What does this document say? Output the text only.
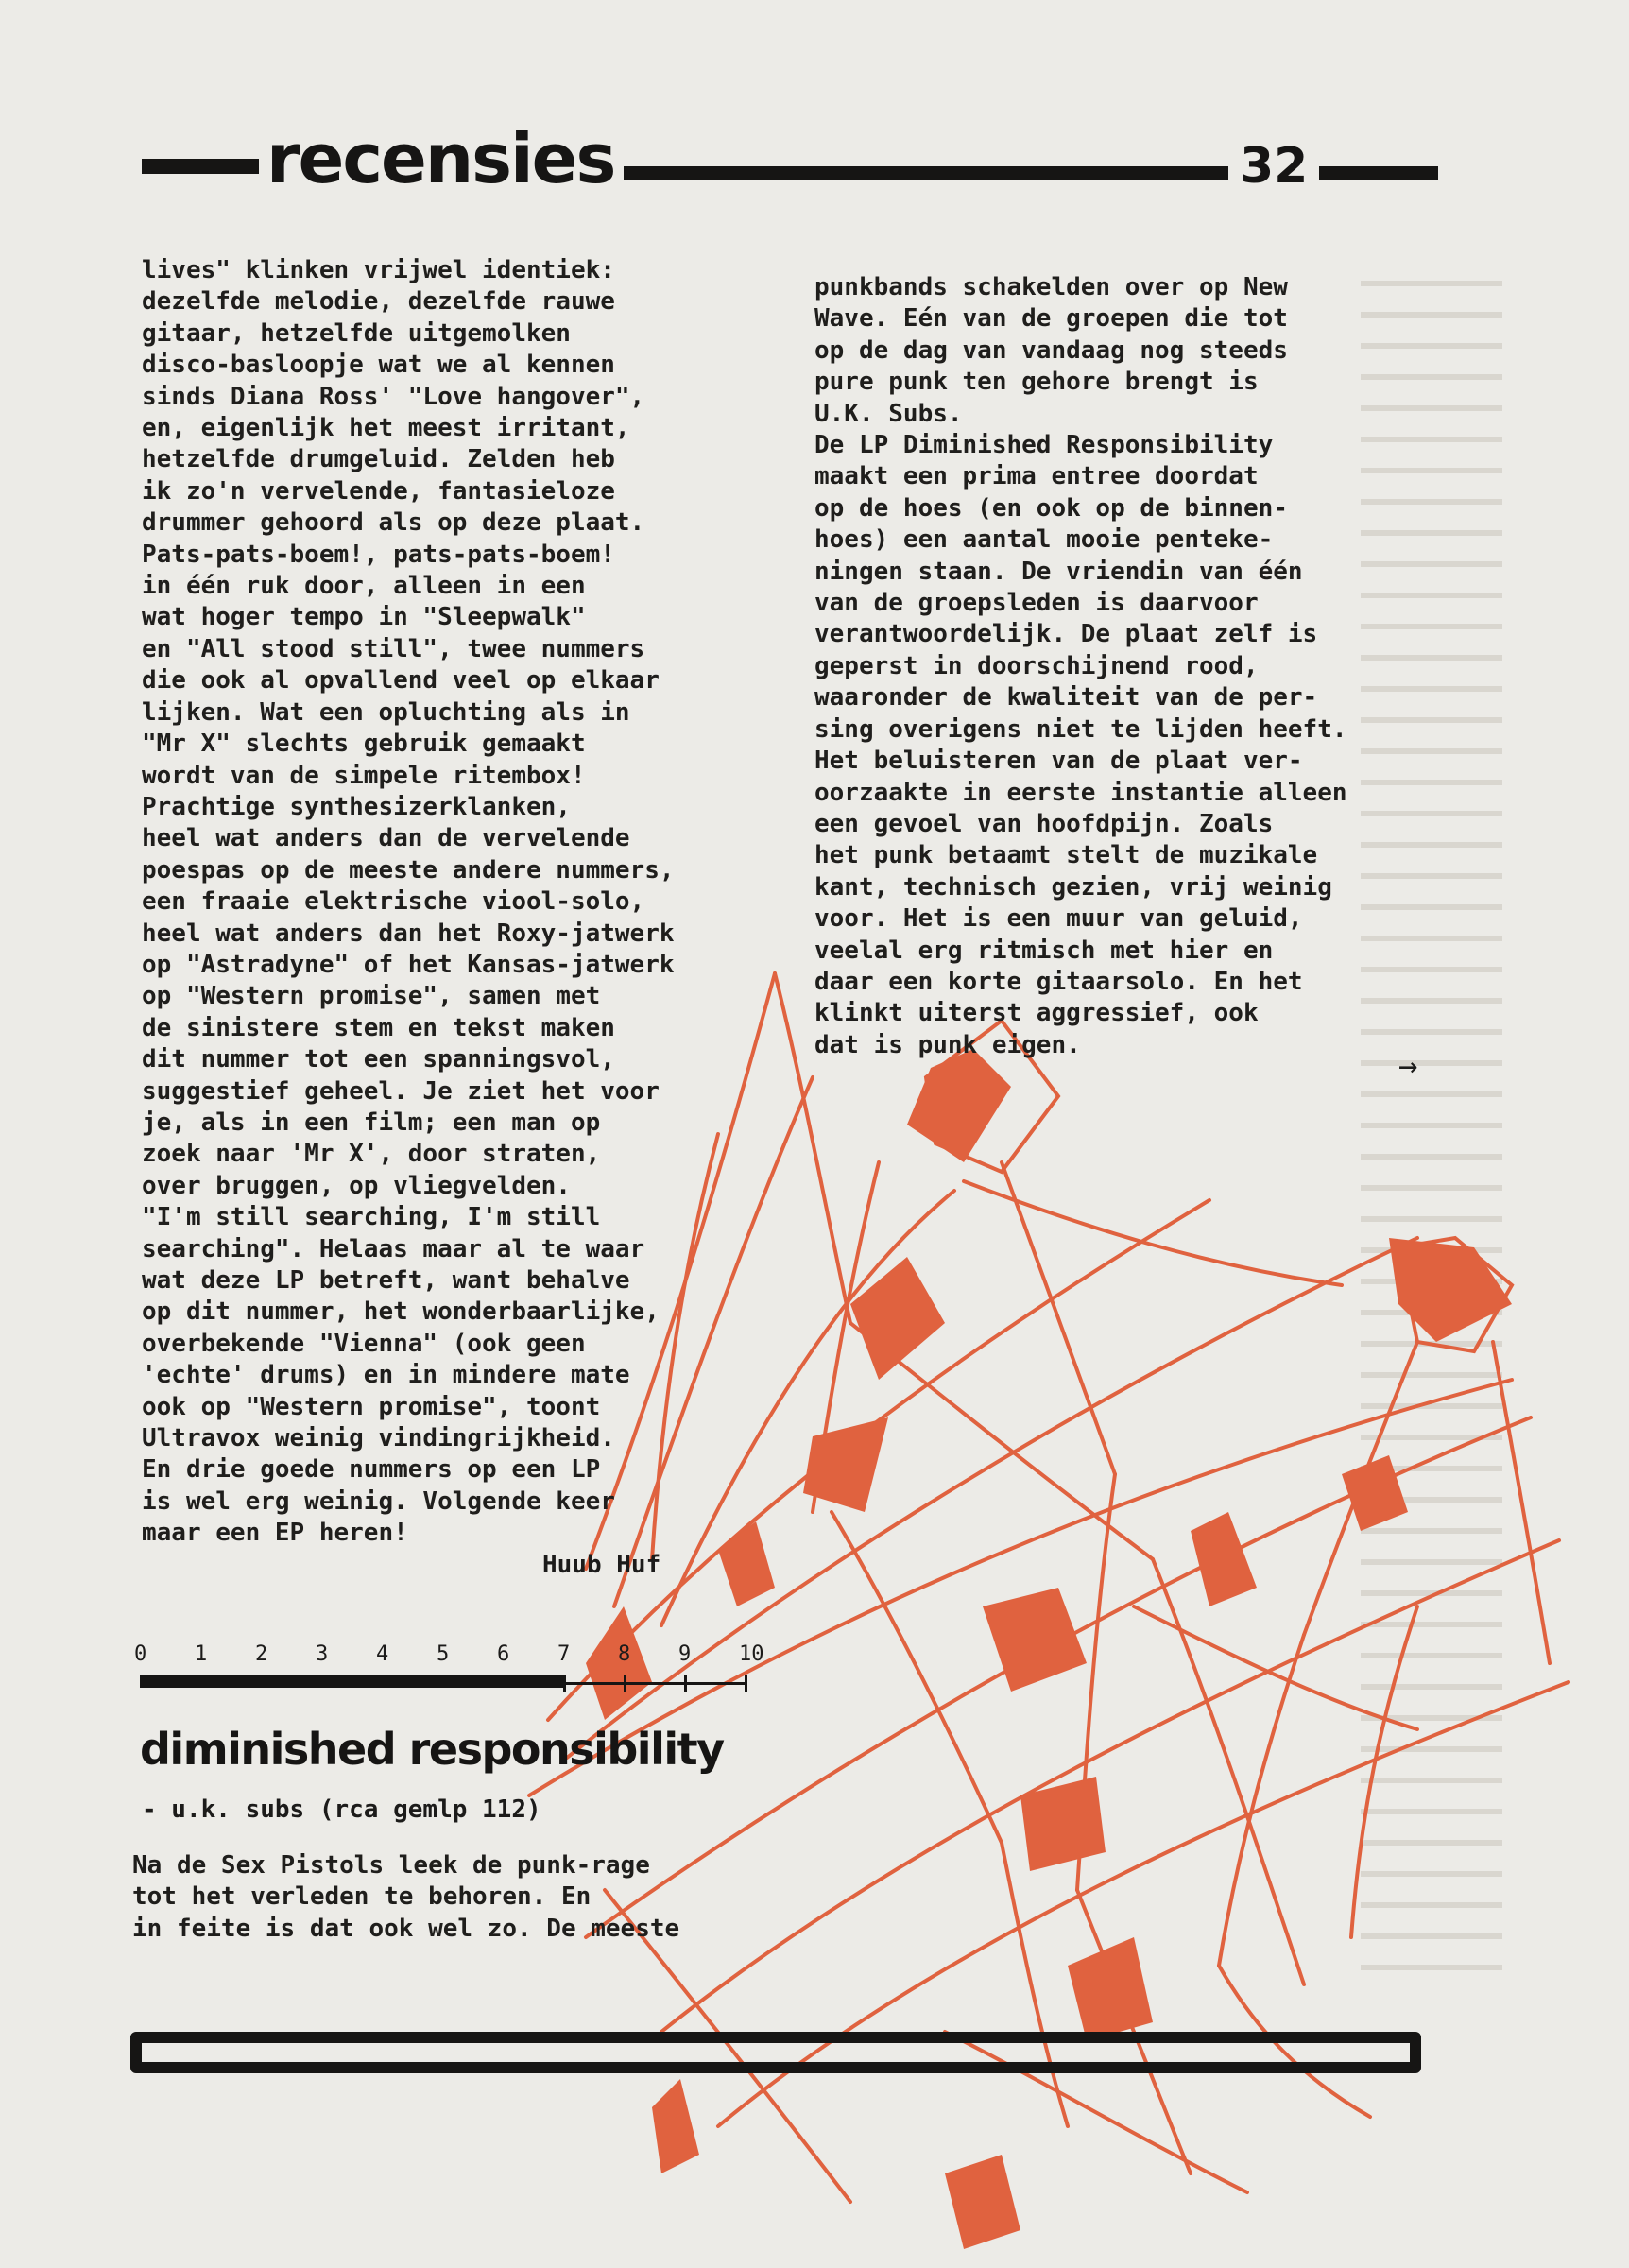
recensies	32
lives" klinken vrijwel identiek:
dezelfde melodie, dezelfde rauwe
gitaar, hetzelfde uitgemolken
disco-basloopje wat we al kennen
sinds Diana Ross' "Love hangover",
en, eigenlijk het meest irritant,
hetzelfde drumgeluid. Zelden heb
ik zo'n vervelende, fantasieloze
drummer gehoord als op deze plaat.
Pats-pats-boem!, pats-pats-boem!
in één ruk door, alleen in een
wat hoger tempo in "Sleepwalk"
en "All stood still", twee nummers
die ook al opvallend veel op elkaar
lijken. Wat een opluchting als in
"Mr X" slechts gebruik gemaakt
wordt van de simpele ritembox!
Prachtige synthesizerklanken,
heel wat anders dan de vervelende
poespas op de meeste andere nummers,
een fraaie elektrische viool-solo,
heel wat anders dan het Roxy-jatwerk
op "Astradyne" of het Kansas-jatwerk
op "Western promise", samen met
de sinistere stem en tekst maken
dit nummer tot een spanningsvol,
suggestief geheel. Je ziet het voor
je, als in een film; een man op
zoek naar 'Mr X', door straten,
over bruggen, op vliegvelden.
"I'm still searching, I'm still
searching". Helaas maar al te waar
wat deze LP betreft, want behalve
op dit nummer, het wonderbaarlijke,
overbekende "Vienna" (ook geen
'echte' drums) en in mindere mate
ook op "Western promise", toont
Ultravox weinig vindingrijkheid.
En drie goede nummers op een LP
is wel erg weinig. Volgende keer
maar een EP heren!
Huub Huf
0 1 2 3 4 5 6 7 8 9 10
diminished responsibility
- u.k. subs (rca gemlp 112)
Na de Sex Pistols leek de punk-rage
tot het verleden te behoren. En
in feite is dat ook wel zo. De meeste
punkbands schakelden over op New
Wave. Eén van de groepen die tot
op de dag van vandaag nog steeds
pure punk ten gehore brengt is
U.K. Subs.
De LP Diminished Responsibility
maakt een prima entree doordat
op de hoes (en ook op de binnen-
hoes) een aantal mooie penteke-
ningen staan. De vriendin van één
van de groepsleden is daarvoor
verantwoordelijk. De plaat zelf is
geperst in doorschijnend rood,
waaronder de kwaliteit van de per-
sing overigens niet te lijden heeft.
Het beluisteren van de plaat ver-
oorzaakte in eerste instantie alleen
een gevoel van hoofdpijn. Zoals
het punk betaamt stelt de muzikale
kant, technisch gezien, vrij weinig
voor. Het is een muur van geluid,
veelal erg ritmisch met hier en
daar een korte gitaarsolo. En het
klinkt uiterst aggressief, ook
dat is punk eigen.
→
